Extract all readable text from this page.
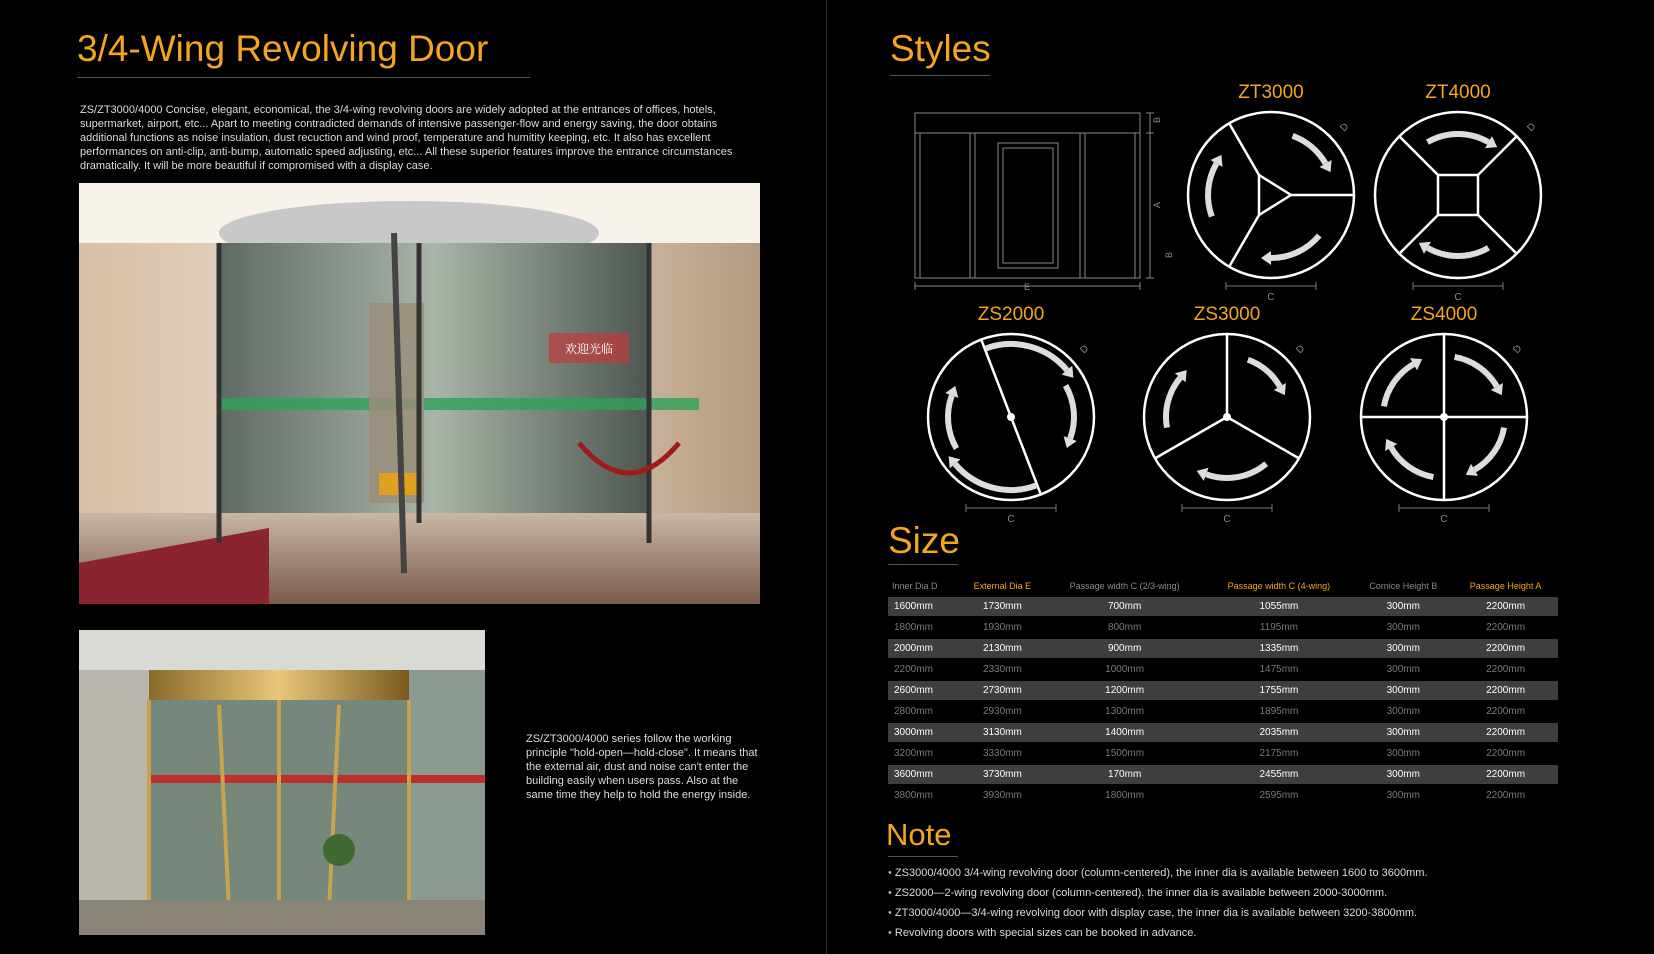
3/4-Wing Revolving Door

ZS/ZT3000/4000 Concise, elegant, economical, the 3/4-wing revolving doors are widely adopted at the entrances of offices, hotels, supermarket, airport, etc... Apart to meeting contradicted demands of intensive passenger-flow and energy saving, the door obtains additional functions as noise insulation, dust recuction and wind proof, temperature and humitity keeping, etc. It also has excellent performances on anti-clip, anti-bump, automatic speed adjusting, etc... All these superior features improve the entrance circumstances dramatically. It will be more beautiful if compromised with a display case.

欢迎光临

ZS/ZT3000/4000 series follow the working principle "hold-open—hold-close". It means that the external air, dust and noise can't enter the building easily when users pass. Also at the same time they help to hold the energy inside.

Styles
E
B
A
B
ZT3000
C
D
ZT4000
C
D
ZS2000
C
D
ZS3000
C
D
ZS4000
C
D
Size
Inner Dia D	External Dia E	Passage width C (2/3-wing)	Passage width C (4-wing)	Cornice Height B	Passage Height A
1600mm	1730mm	700mm	1055mm	300mm	2200mm
1800mm	1930mm	800mm	1195mm	300mm	2200mm
2000mm	2130mm	900mm	1335mm	300mm	2200mm
2200mm	2330mm	1000mm	1475mm	300mm	2200mm
2600mm	2730mm	1200mm	1755mm	300mm	2200mm
2800mm	2930mm	1300mm	1895mm	300mm	2200mm
3000mm	3130mm	1400mm	2035mm	300mm	2200mm
3200mm	3330mm	1500mm	2175mm	300mm	2200mm
3600mm	3730mm	170mm	2455mm	300mm	2200mm
3800mm	3930mm	1800mm	2595mm	300mm	2200mm
Note
• ZS3000/4000 3/4-wing revolving door (column-centered), the inner dia is available between 1600 to 3600mm.
• ZS2000—2-wing revolving door (column-centered). the inner dia is available between 2000-3000mm.
• ZT3000/4000—3/4-wing revolving door with display case, the inner dia is available between 3200-3800mm.
• Revolving doors with special sizes can be booked in advance.
